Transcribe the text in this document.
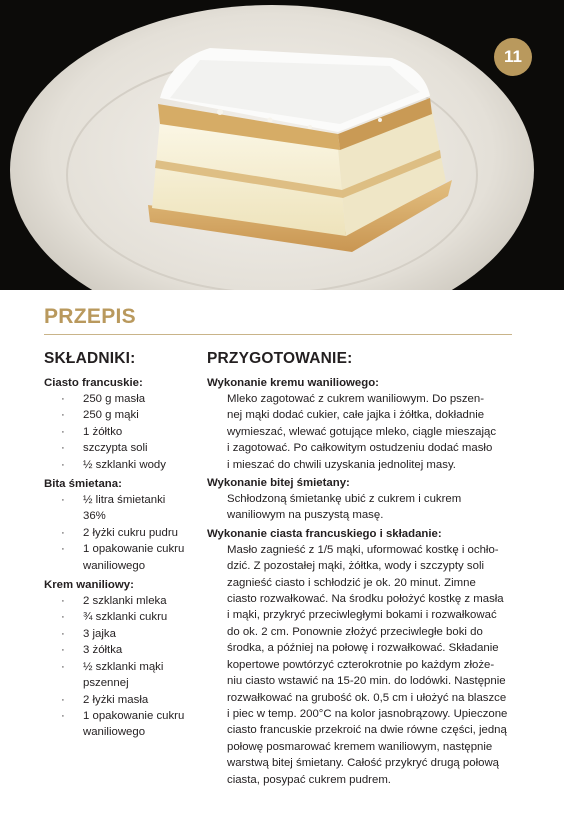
11
PRZEPIS
SKŁADNIKI:
Ciasto francuskie:
· 250 g masła
· 250 g mąki
· 1 żółtko
· szczypta soli
· ½ szklanki wody
Bita śmietana:
· ½ litra śmietanki
36%
· 2 łyżki cukru pudru
· 1 opakowanie cukru
waniliowego
Krem waniliowy:
· 2 szklanki mleka
· ¾ szklanki cukru
· 3 jajka
· 3 żółtka
· ½ szklanki mąki
pszennej
· 2 łyżki masła
· 1 opakowanie cukru
waniliowego
PRZYGOTOWANIE:
Wykonanie kremu waniliowego:

Mleko zagotować z cukrem waniliowym. Do pszen-
nej mąki dodać cukier, całe jajka i żółtka, dokładnie
wymieszać, wlewać gotujące mleko, ciągle mieszając
i zagotować. Po całkowitym ostudzeniu dodać masło
i mieszać do chwili uzyskania jednolitej masy.

Wykonanie bitej śmietany:

Schłodzoną śmietankę ubić z cukrem i cukrem
waniliowym na puszystą masę.

Wykonanie ciasta francuskiego i składanie:

Masło zagnieść z 1/5 mąki, uformować kostkę i ochło-
dzić. Z pozostałej mąki, żółtka, wody i szczypty soli
zagnieść ciasto i schłodzić je ok. 20 minut. Zimne
ciasto rozwałkować. Na środku położyć kostkę z masła
i mąki, przykryć przeciwległymi bokami i rozwałkować
do ok. 2 cm. Ponownie złożyć przeciwległe boki do
środka, a później na połowę i rozwałkować. Składanie
kopertowe powtórzyć czterokrotnie po każdym złoże-
niu ciasto wstawić na 15-20 min. do lodówki. Następnie
rozwałkować na grubość ok. 0,5 cm i ułożyć na blaszce
i piec w temp. 200°C na kolor jasnobrązowy. Upieczone
ciasto francuskie przekroić na dwie równe części, jedną
połowę posmarować kremem waniliowym, następnie
warstwą bitej śmietany. Całość przykryć drugą połową
ciasta, posypać cukrem pudrem.
